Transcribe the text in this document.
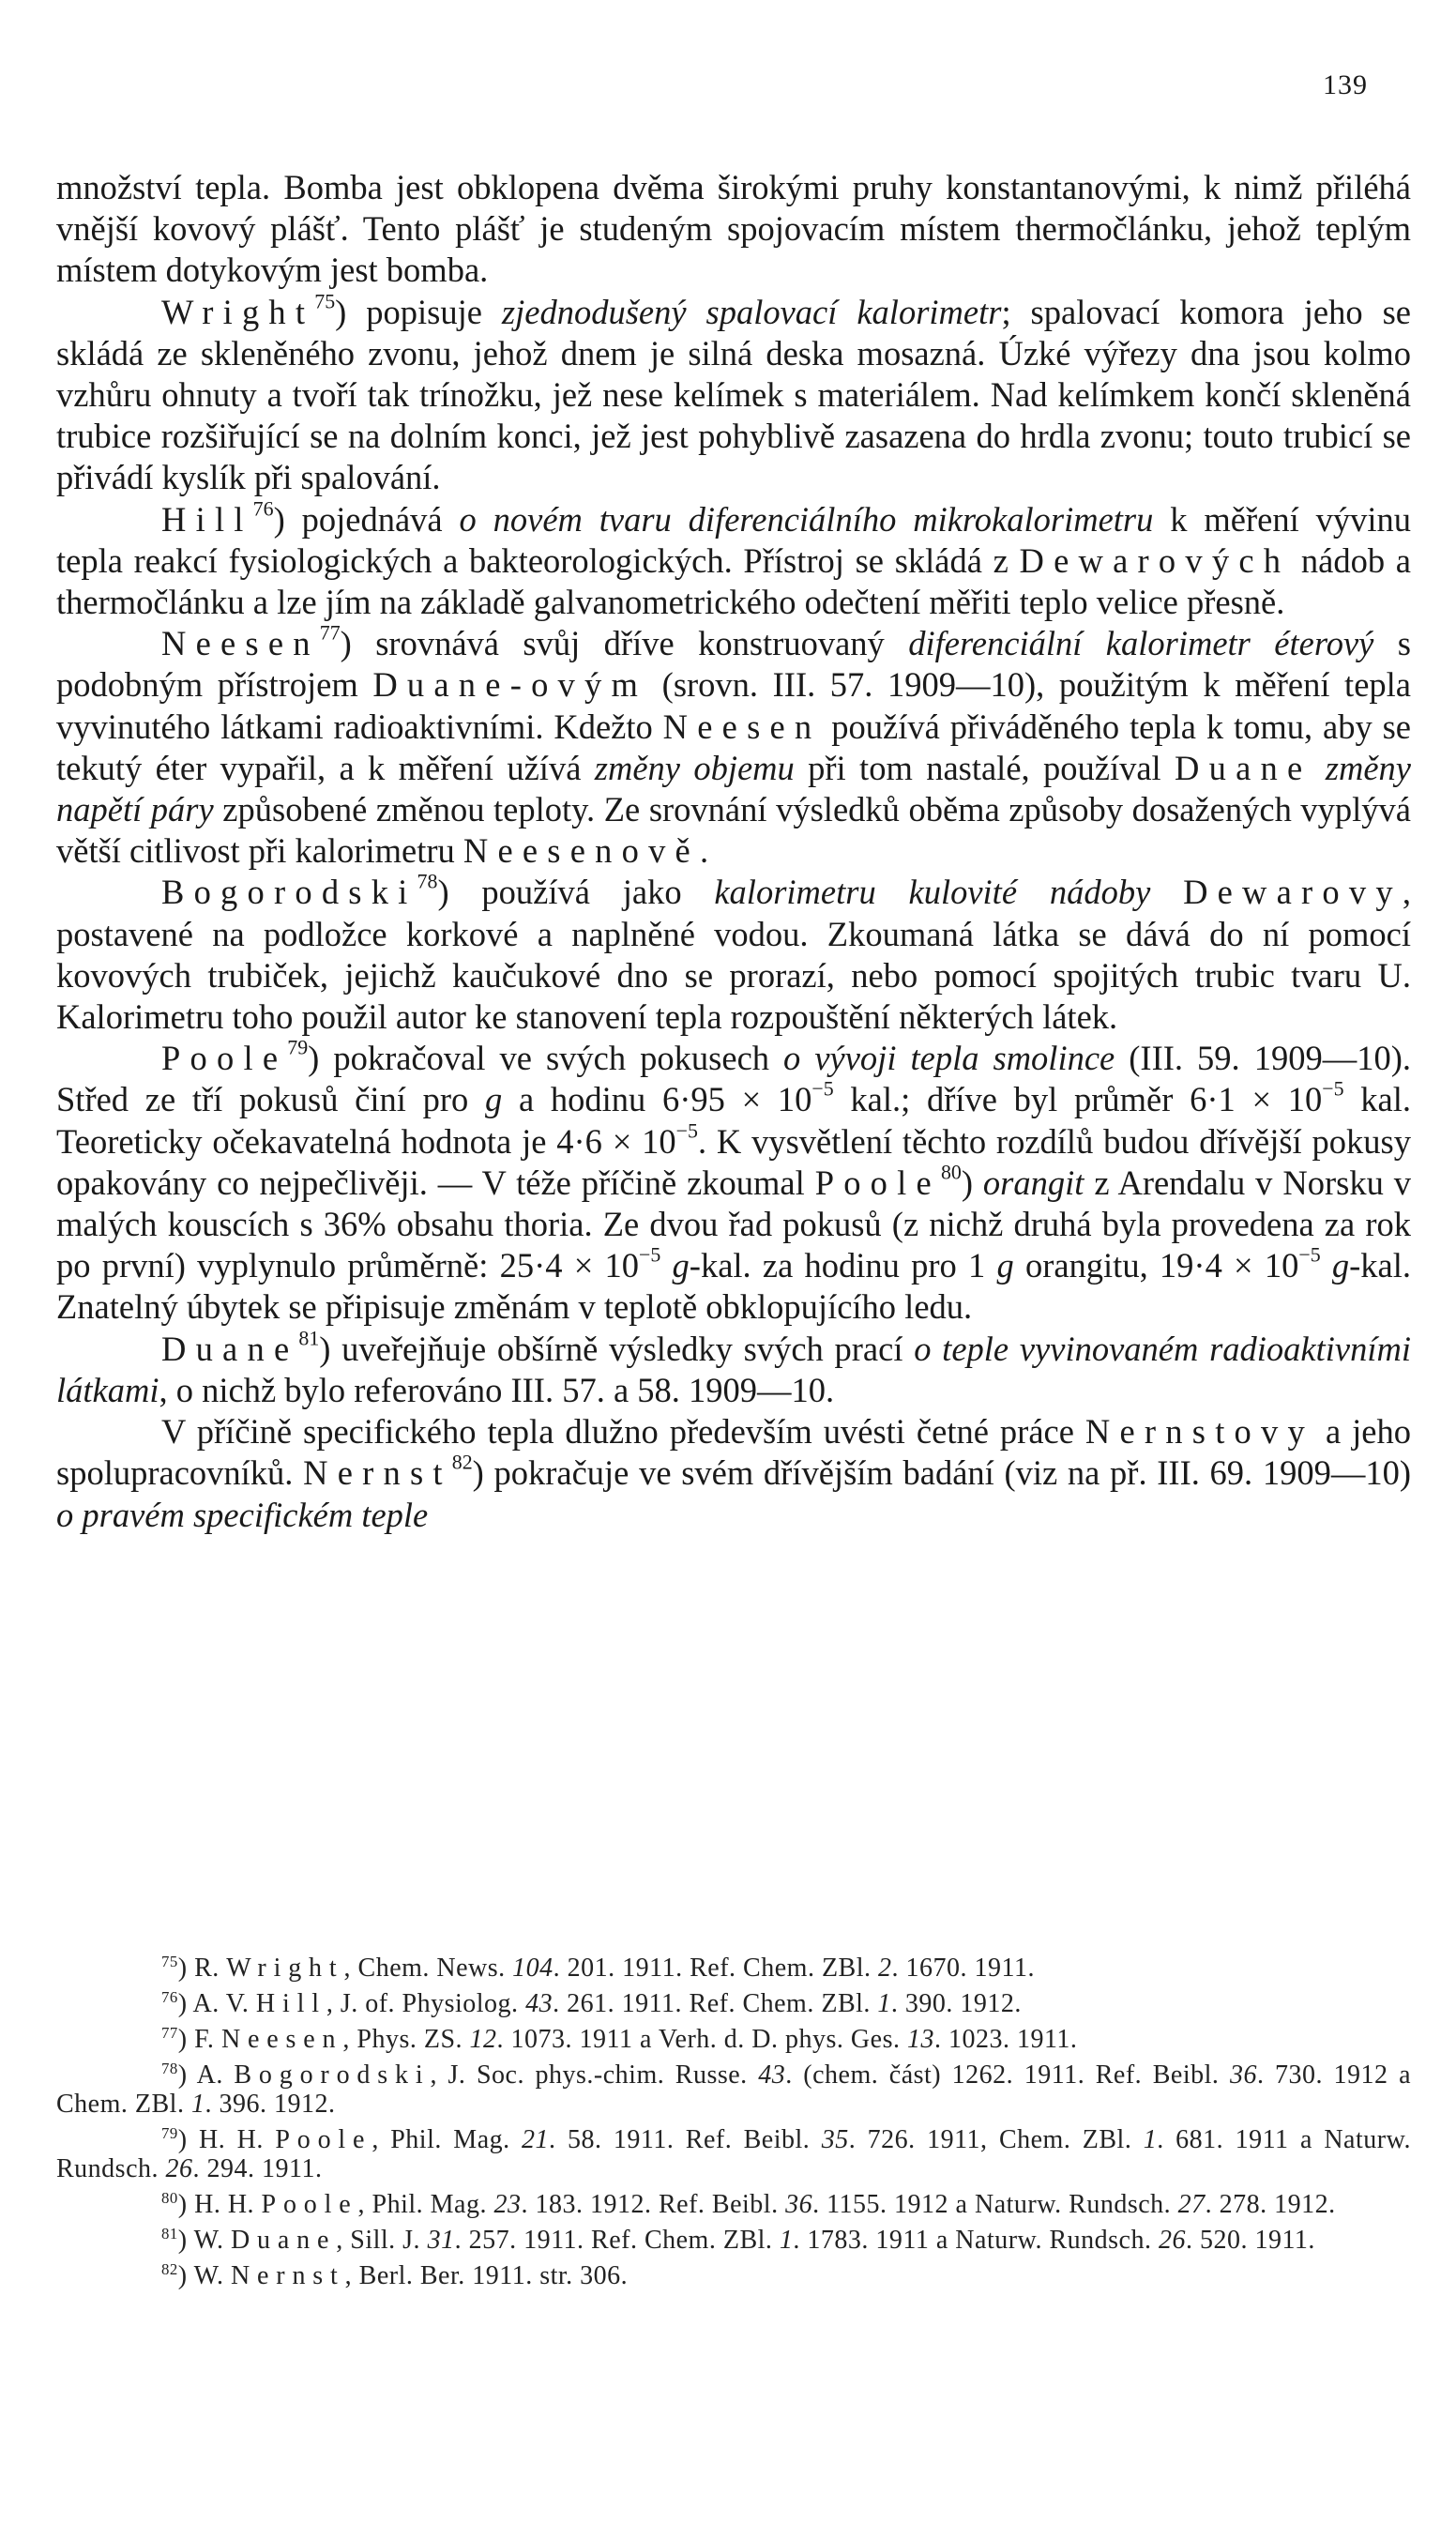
139

množství tepla. Bomba jest obklopena dvěma širokými pruhy konstantanovými, k nimž přiléhá vnější kovový plášť. Tento plášť je studeným spojovacím místem thermočlánku, jehož teplým místem dotykovým jest bomba.

Wright$^{75}$) popisuje zjednodušený spalovací kalorimetr; spalovací komora jeho se skládá ze skleněného zvonu, jehož dnem je silná deska mosazná. Úzké výřezy dna jsou kolmo vzhůru ohnuty a tvoří tak trínožku, jež nese kelímek s materiálem. Nad kelímkem končí skleněná trubice rozšiřující se na dolním konci, jež jest pohyblivě zasazena do hrdla zvonu; touto trubicí se přivádí kyslík při spalování.

Hill$^{76}$) pojednává o novém tvaru diferenciálního mikrokalorimetru k měření vývinu tepla reakcí fysiologických a bakteorologických. Přístroj se skládá z Dewarových nádob a thermočlánku a lze jím na základě galvanometrického odečtení měřiti teplo velice přesně.

Neesen$^{77}$) srovnává svůj dříve konstruovaný diferenciální kalorimetr éterový s podobným přístrojem Duane-ovým (srovn. III. 57. 1909—10), použitým k měření tepla vyvinutého látkami radioaktivními. Kdežto Neesen používá přiváděného tepla k tomu, aby se tekutý éter vypařil, a k měření užívá změny objemu při tom nastalé, používal Duane změny napětí páry způsobené změnou teploty. Ze srovnání výsledků oběma způsoby dosažených vyplývá větší citlivost při kalorimetru Neesenově.

Bogorodski$^{78}$) používá jako kalorimetru kulovité nádoby Dewarovy, postavené na podložce korkové a naplněné vodou. Zkoumaná látka se dává do ní pomocí kovových trubiček, jejichž kaučukové dno se prorazí, nebo pomocí spojitých trubic tvaru U. Kalorimetru toho použil autor ke stanovení tepla rozpouštění některých látek.

Poole$^{79}$) pokračoval ve svých pokusech o vývoji tepla smolince (III. 59. 1909—10). Střed ze tří pokusů činí pro g a hodinu $6\cdot 95 \times 10^{-5}$ kal.; dříve byl průměr $6\cdot 1 \times 10^{-5}$ kal. Teoreticky očekavatelná hodnota je $4\cdot 6 \times 10^{-5}$. K vysvětlení těchto rozdílů budou dřívější pokusy opakovány co nejpečlivěji. — V téže příčině zkoumal Poole$^{80}$) orangit z Arendalu v Norsku v malých kouscích s 36% obsahu thoria. Ze dvou řad pokusů (z nichž druhá byla provedena za rok po první) vyplynulo průměrně: $25\cdot 4 \times 10^{-5}$ g-kal. za hodinu pro 1 g orangitu, $19\cdot 4 \times 10^{-5}$ g-kal. Znatelný úbytek se připisuje změnám v teplotě obklopujícího ledu.

Duane$^{81}$) uveřejňuje obšírně výsledky svých prací o teple vyvinovaném radioaktivními látkami, o nichž bylo referováno III. 57. a 58. 1909—10.

V příčině specifického tepla dlužno především uvésti četné práce Nernstovy a jeho spolupracovníků. Nernst$^{82}$) pokračuje ve svém dřívějším badání (viz na př. III. 69. 1909—10) o pravém specifickém teple

$^{75}$) R. Wright, Chem. News. 104. 201. 1911. Ref. Chem. ZBl. 2. 1670. 1911.

$^{76}$) A. V. Hill, J. of. Physiolog. 43. 261. 1911. Ref. Chem. ZBl. 1. 390. 1912.

$^{77}$) F. Neesen, Phys. ZS. 12. 1073. 1911 a Verh. d. D. phys. Ges. 13. 1023. 1911.

$^{78}$) A. Bogorodski, J. Soc. phys.-chim. Russe. 43. (chem. část) 1262. 1911. Ref. Beibl. 36. 730. 1912 a Chem. ZBl. 1. 396. 1912.

$^{79}$) H. H. Poole, Phil. Mag. 21. 58. 1911. Ref. Beibl. 35. 726. 1911, Chem. ZBl. 1. 681. 1911 a Naturw. Rundsch. 26. 294. 1911.

$^{80}$) H. H. Poole, Phil. Mag. 23. 183. 1912. Ref. Beibl. 36. 1155. 1912 a Naturw. Rundsch. 27. 278. 1912.

$^{81}$) W. Duane, Sill. J. 31. 257. 1911. Ref. Chem. ZBl. 1. 1783. 1911 a Naturw. Rundsch. 26. 520. 1911.

$^{82}$) W. Nernst, Berl. Ber. 1911. str. 306.
